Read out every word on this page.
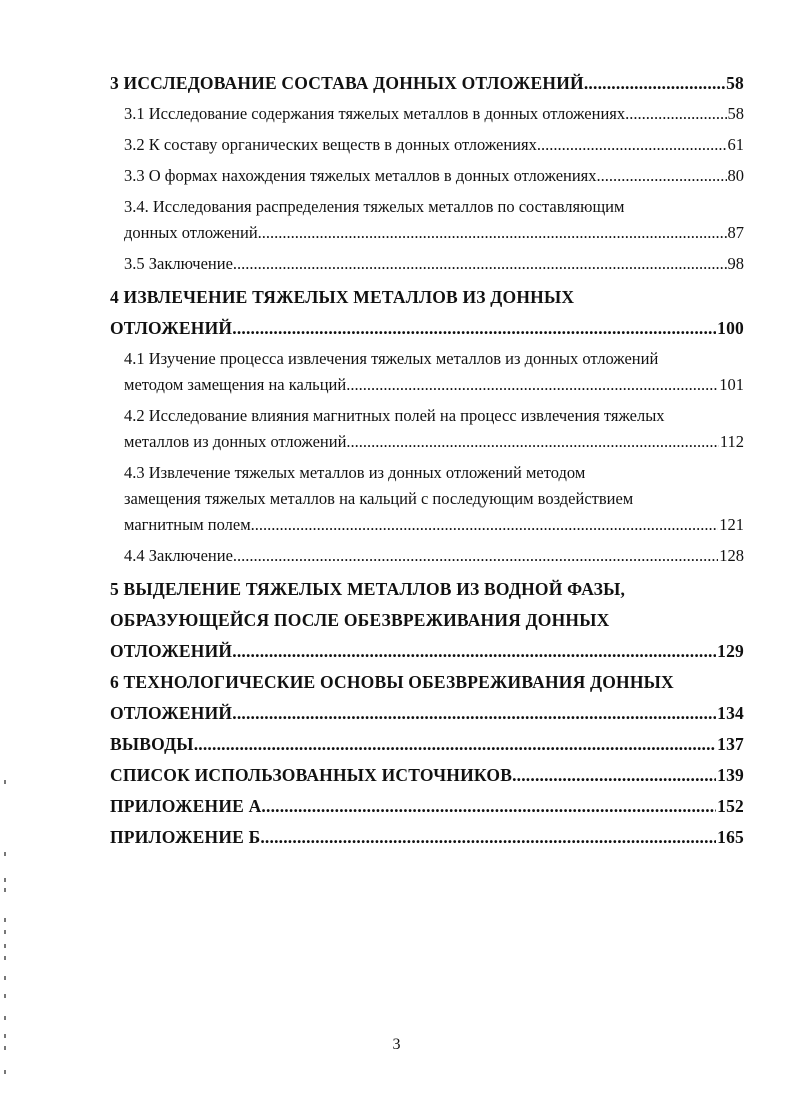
3 ИССЛЕДОВАНИЕ СОСТАВА ДОННЫХ ОТЛОЖЕНИЙ .....	58
3.1 Исследование содержания тяжелых металлов в донных отложениях .....	58
3.2 К составу органических веществ в донных отложениях .....	61
3.3 О формах нахождения тяжелых металлов в донных отложениях .....	80
3.4. Исследования распределения тяжелых металлов по составляющим
донных отложений .....	87
3.5 Заключение .....	98
4 ИЗВЛЕЧЕНИЕ ТЯЖЕЛЫХ МЕТАЛЛОВ ИЗ ДОННЫХ
ОТЛОЖЕНИЙ .....	100
4.1 Изучение процесса извлечения тяжелых металлов из донных отложений
методом замещения на кальций .....	101
4.2 Исследование влияния магнитных полей на процесс извлечения тяжелых
металлов из донных отложений .....	112
4.3 Извлечение тяжелых металлов из донных отложений методом
замещения тяжелых металлов на кальций с последующим воздействием
магнитным полем .....	121
4.4 Заключение .....	128
5 ВЫДЕЛЕНИЕ ТЯЖЕЛЫХ МЕТАЛЛОВ ИЗ ВОДНОЙ ФАЗЫ,
ОБРАЗУЮЩЕЙСЯ ПОСЛЕ ОБЕЗВРЕЖИВАНИЯ ДОННЫХ
ОТЛОЖЕНИЙ .....	129
6 ТЕХНОЛОГИЧЕСКИЕ ОСНОВЫ ОБЕЗВРЕЖИВАНИЯ ДОННЫХ
ОТЛОЖЕНИЙ .....	134
ВЫВОДЫ .....	137
СПИСОК ИСПОЛЬЗОВАННЫХ ИСТОЧНИКОВ .....	139
ПРИЛОЖЕНИЕ А .....	152
ПРИЛОЖЕНИЕ Б .....	165
3
